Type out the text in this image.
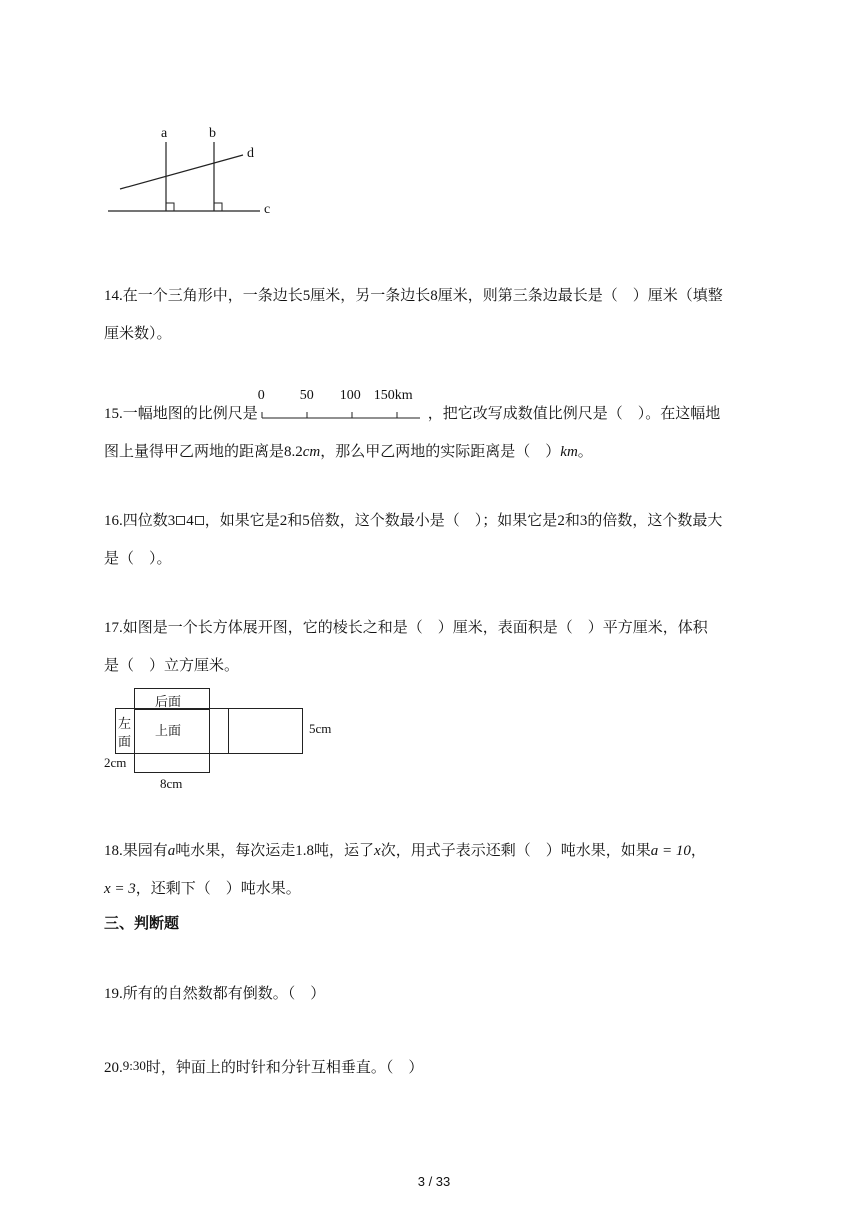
a	b
d
c
14.在一个三角形中，一条边长5厘米，另一条边长8厘米，则第三条边最长是（　）厘米（填整
厘米数）。
15.一幅地图的比例尺是
0	50 100 150km
，把它改写成数值比例尺是（　）。在这幅地
图上量得甲乙两地的距离是8.2cm，那么甲乙两地的实际距离是（　）km。
16.四位数3 4 ，如果它是2和5倍数，这个数最小是（　）；如果它是2和3的倍数，这个数最大
是（　）。
17.如图是一个长方体展开图，它的棱长之和是（　）厘米，表面积是（　）平方厘米，体积
是（　）立方厘米。
后面
上面
左
面
5cm
2cm
8cm
18.果园有a吨水果，每次运走1.8吨，运了x次，用式子表示还剩（　）吨水果，如果a = 10，
x = 3，还剩下（　）吨水果。
三、判断题
19.所有的自然数都有倒数。（　）
20.9:30时，钟面上的时针和分针互相垂直。（　）
3 / 33
